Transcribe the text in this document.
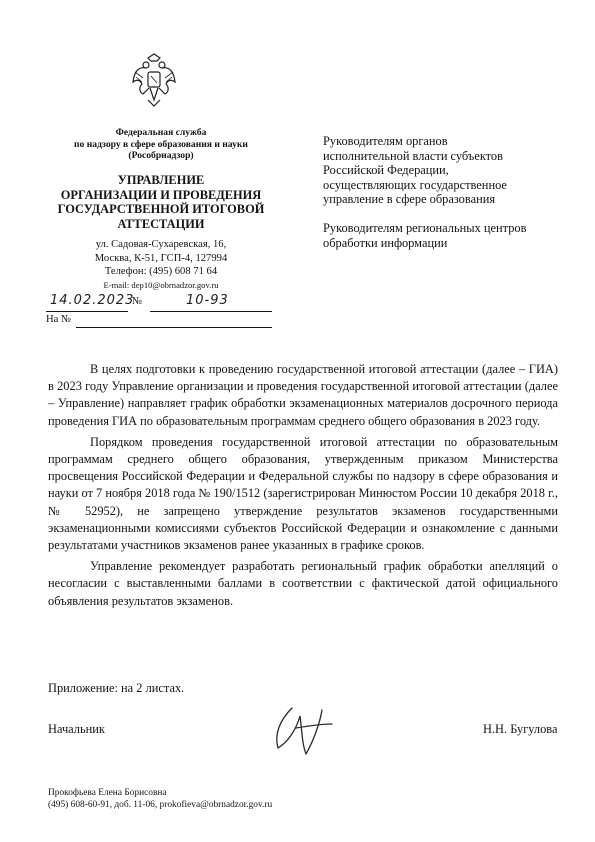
Федеральная служба
по надзору в сфере образования и науки
(Рособрнадзор)
УПРАВЛЕНИЕ
ОРГАНИЗАЦИИ И ПРОВЕДЕНИЯ
ГОСУДАРСТВЕННОЙ ИТОГОВОЙ
АТТЕСТАЦИИ
ул. Садовая-Сухаревская, 16,
Москва, К-51, ГСП-4, 127994
Телефон: (495) 608 71 64
E-mail: dep10@obrnadzor.gov.ru
14.02.2023
№	10-93
На №
Руководителям органов
исполнительной власти субъектов
Российской Федерации,
осуществляющих государственное
управление в сфере образования
Руководителям региональных центров
обработки информации

В целях подготовки к проведению государственной итоговой аттестации (далее – ГИА) в 2023 году Управление организации и проведения государственной итоговой аттестации (далее – Управление) направляет график обработки экзаменационных материалов досрочного периода проведения ГИА по образовательным программам среднего общего образования в 2023 году.

Порядком проведения государственной итоговой аттестации по образовательным программам среднего общего образования, утвержденным приказом Министерства просвещения Российской Федерации и Федеральной службы по надзору в сфере образования и науки от 7 ноября 2018 года № 190/1512 (зарегистрирован Минюстом России 10 декабря 2018 г., № 52952), не запрещено утверждение результатов экзаменов государственными экзаменационными комиссиями субъектов Российской Федерации и ознакомление с данными результатами участников экзаменов ранее указанных в графике сроков.

Управление рекомендует разработать региональный график обработки апелляций о несогласии с выставленными баллами в соответствии с фактической датой официального объявления результатов экзаменов.

Приложение: на 2 листах.
Начальник	Н.Н. Бугулова
Прокофьева Елена Борисовна
(495) 608-60-91, доб. 11-06, prokofieva@obrnadzor.gov.ru
